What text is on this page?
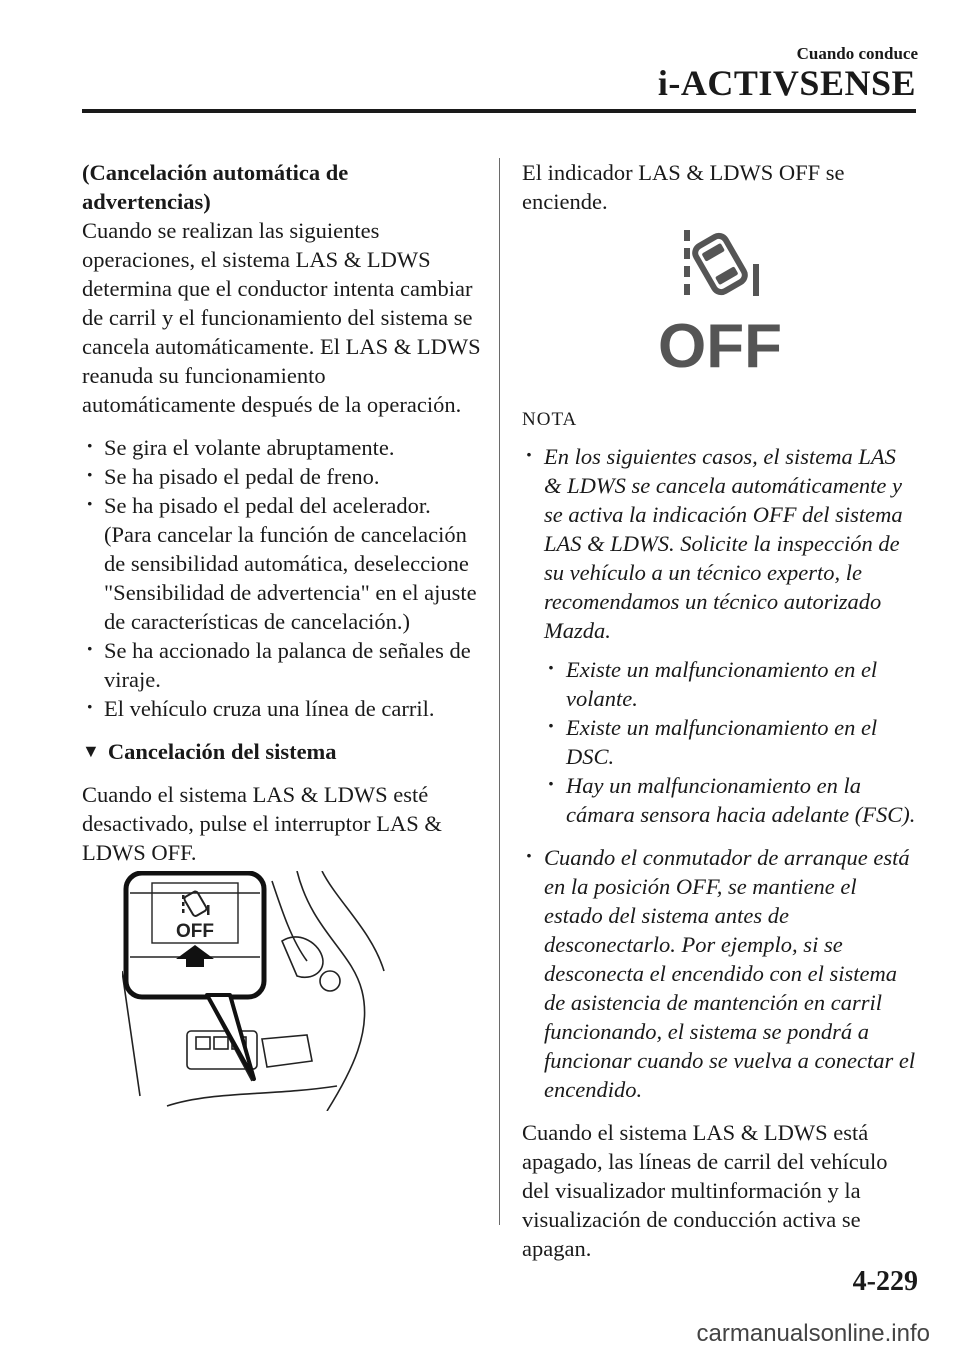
Cuando conduce
i-ACTIVSENSE

(Cancelación automática de

advertencias)

Cuando se realizan las siguientes operaciones, el sistema LAS & LDWS determina que el conductor intenta cambiar de carril y el funcionamiento del sistema se cancela automáticamente. El LAS & LDWS reanuda su funcionamiento automáticamente después de la operación.

· Se gira el volante abruptamente.
· Se ha pisado el pedal de freno.
· Se ha pisado el pedal del acelerador. (Para cancelar la función de cancelación de sensibilidad automática, deseleccione "Sensibilidad de advertencia" en el ajuste de características de cancelación.)
· Se ha accionado la palanca de señales de viraje.
· El vehículo cruza una línea de carril.
▼ Cancelación del sistema

Cuando el sistema LAS & LDWS esté desactivado, pulse el interruptor LAS & LDWS OFF.

OFF

El indicador LAS & LDWS OFF se enciende.

OFF

NOTA

· En los siguientes casos, el sistema LAS & LDWS se cancela automáticamente y se activa la indicación OFF del sistema LAS & LDWS. Solicite la inspección de su vehículo a un técnico experto, le recomendamos un técnico autorizado Mazda.
· Existe un malfuncionamiento en el volante.
· Existe un malfuncionamiento en el DSC.
· Hay un malfuncionamiento en la cámara sensora hacia adelante (FSC).
· Cuando el conmutador de arranque está en la posición OFF, se mantiene el estado del sistema antes de desconectarlo. Por ejemplo, si se desconecta el encendido con el sistema de asistencia de mantención en carril funcionando, el sistema se pondrá a funcionar cuando se vuelva a conectar el encendido.

Cuando el sistema LAS & LDWS está apagado, las líneas de carril del vehículo del visualizador multinformación y la visualización de conducción activa se apagan.

4-229
carmanualsonline.info
